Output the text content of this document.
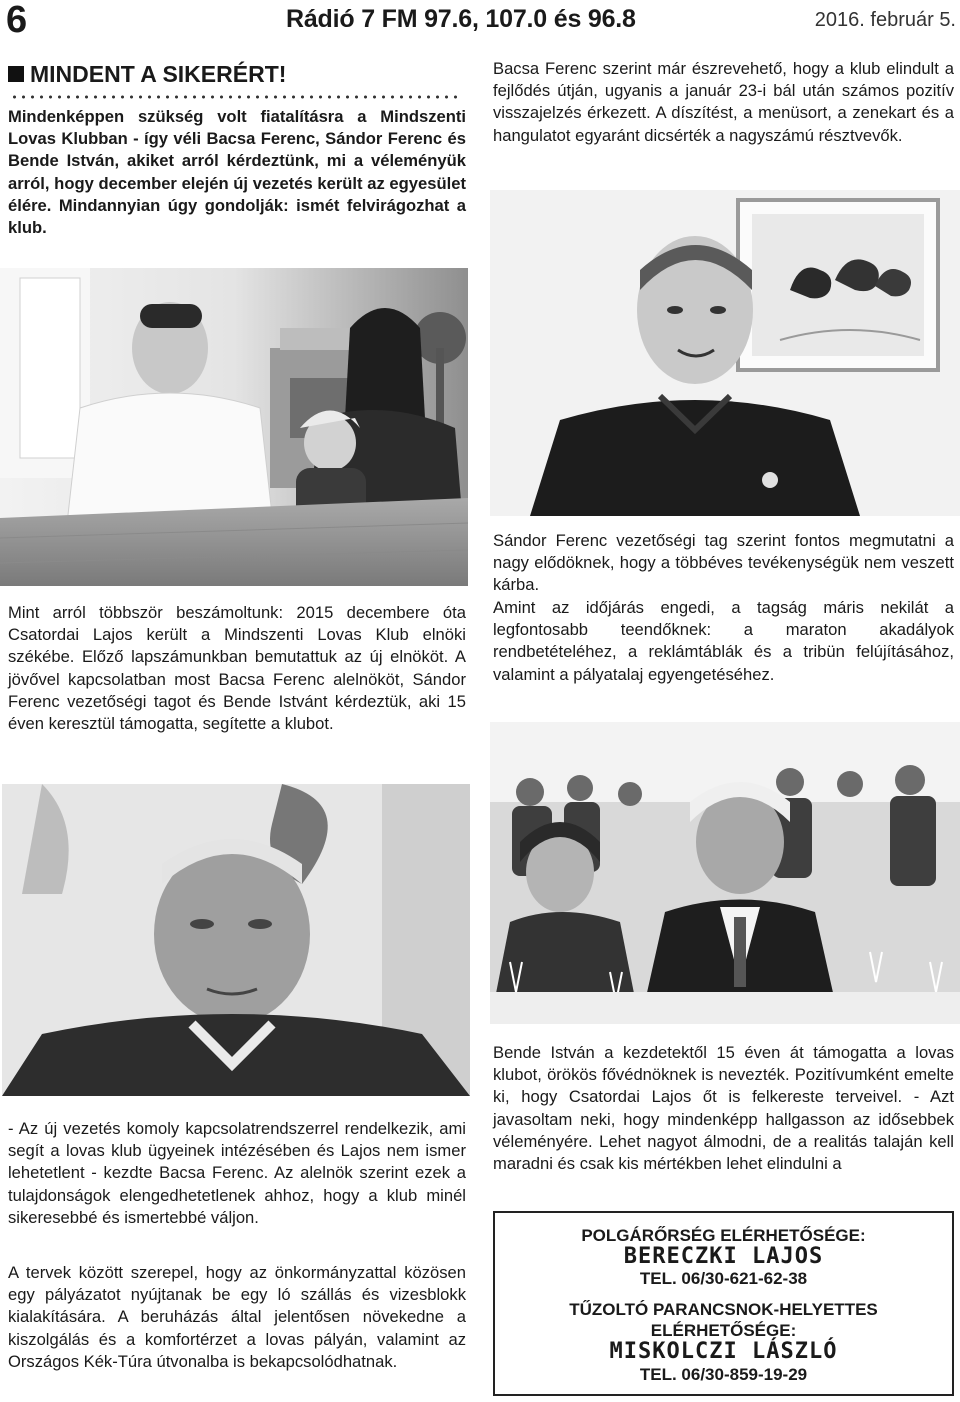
6	Rádió 7 FM 97.6, 107.0 és 96.8	2016. február 5.
MINDENT A SIKERÉRT!
Mindenképpen szükség volt fiatalításra a Mindszenti Lovas Klubban - így véli Bacsa Ferenc, Sándor Ferenc és Bende István, akiket arról kérdeztünk, mi a véleményük arról, hogy december elején új vezetés került az egyesület élére. Mindannyian úgy gondolják: ismét felvirágozhat a klub.
Bacsa Ferenc szerint már észrevehető, hogy a klub elindult a fejlődés útján, ugyanis a január 23-i bál után számos pozitív visszajelzés érkezett. A díszítést, a menüsort, a zenekart és a hangulatot egyaránt dicsérték a nagyszámú résztvevők.
Mint arról többször beszámoltunk: 2015 decembere óta Csatordai Lajos került a Mindszenti Lovas Klub elnöki székébe. Előző lapszámunkban bemutattuk az új elnököt. A jövővel kapcsolatban most Bacsa Ferenc alelnököt, Sándor Ferenc vezetőségi tagot és Bende Istvánt kérdeztük, aki 15 éven keresztül támogatta, segítette a klubot.
Sándor Ferenc vezetőségi tag szerint fontos megmutatni a nagy elődöknek, hogy a többéves tevékenységük nem veszett kárba.
Amint az időjárás engedi, a tagság máris nekilát a legfontosabb teendőknek: a maraton akadályok rendbetételéhez, a reklámtáblák és a tribün felújításához, valamint a pályatalaj egyengetéséhez.
Bende István a kezdetektől 15 éven át támogatta a lovas klubot, örökös fővédnöknek is nevezték. Pozitívumként emelte ki, hogy Csatordai Lajos őt is felkereste terveivel. - Azt javasoltam neki, hogy mindenképp hallgasson az idősebbek véleményére. Lehet nagyot álmodni, de a realitás talaján kell maradni és csak kis mértékben lehet elindulni a
- Az új vezetés komoly kapcsolatrendszerrel rendelkezik, ami segít a lovas klub ügyeinek intézésében és Lajos nem ismer lehetetlent - kezdte Bacsa Ferenc. Az alelnök szerint ezek a tulajdonságok elengedhetetlenek ahhoz, hogy a klub minél sikeresebbé és ismertebbé váljon.
A tervek között szerepel, hogy az önkormányzattal közösen egy pályázatot nyújtanak be egy ló szállás és vizesblokk kialakítására. A beruházás által jelentősen növekedne a kiszolgálás és a komfortérzet a lovas pályán, valamint az Országos Kék-Túra útvonalba is bekapcsolódhatnak.
POLGÁRŐRSÉG ELÉRHETŐSÉGE:
BERECZKI LAJOS
TEL. 06/30-621-62-38
TŰZOLTÓ PARANCSNOK-HELYETTES
ELÉRHETŐSÉGE:
MISKOLCZI LÁSZLÓ
TEL. 06/30-859-19-29
